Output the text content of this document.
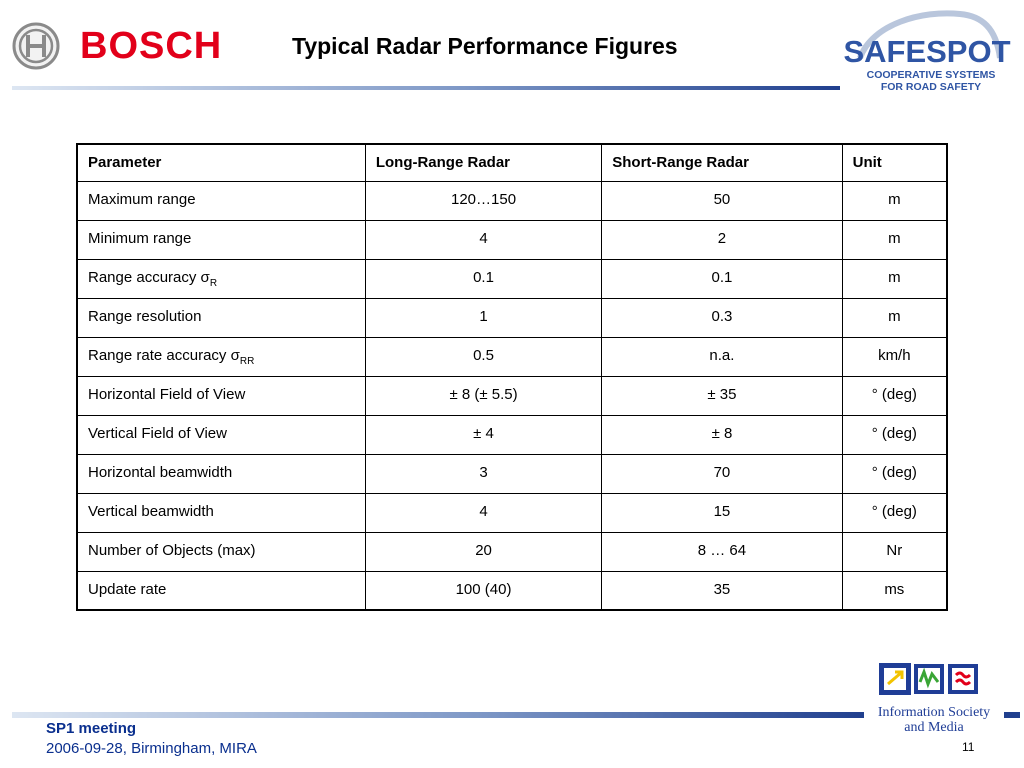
BOSCH	Typical Radar Performance Figures	SAFESPOT
COOPERATIVE SYSTEMS
FOR ROAD SAFETY
Parameter	Long-Range Radar	Short-Range Radar	Unit
Maximum range	120…150	50	m
Minimum range	4	2	m
Range accuracy $\sigma_R$	0.1	0.1	m
Range resolution	1	0.3	m
Range rate accuracy $\sigma_{RR}$	0.5	n.a.	km/h
Horizontal Field of View	± 8 (± 5.5)	± 35	° (deg)
Vertical Field of View	± 4	± 8	° (deg)
Horizontal beamwidth	3	70	° (deg)
Vertical beamwidth	4	15	° (deg)
Number of Objects (max)	20	8 … 64	Nr
Update rate	100 (40)	35	ms
Information Society
and Media
SP1 meeting
2006-09-28, Birmingham, MIRA	11
